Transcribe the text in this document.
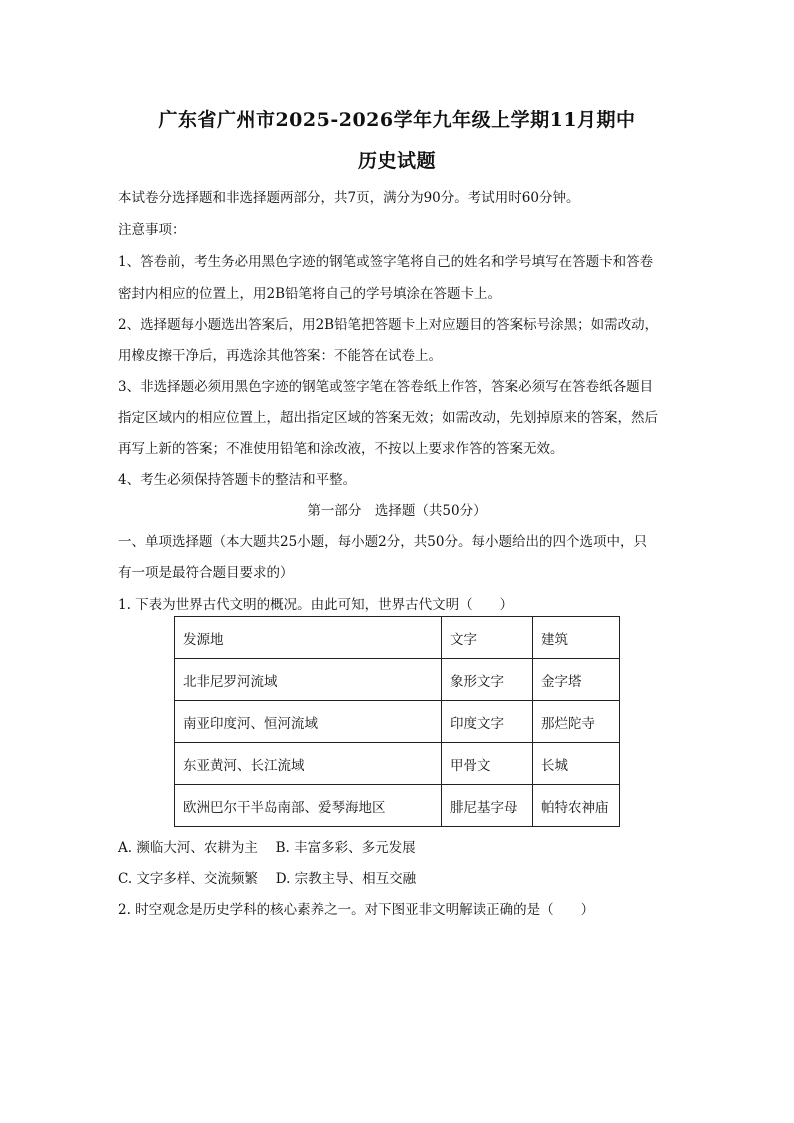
广东省广州市2025-2026学年九年级上学期11月期中
历史试题
本试卷分选择题和非选择题两部分，共7页，满分为90分。考试用时60分钟。
注意事项：
1、答卷前，考生务必用黑色字迹的钢笔或签字笔将自己的姓名和学号填写在答题卡和答卷
密封内相应的位置上，用2B铅笔将自己的学号填涂在答题卡上。
2、选择题每小题选出答案后，用2B铅笔把答题卡上对应题目的答案标号涂黑；如需改动，
用橡皮擦干净后，再选涂其他答案：不能答在试卷上。
3、非选择题必须用黑色字迹的钢笔或签字笔在答卷纸上作答，答案必须写在答卷纸各题目
指定区域内的相应位置上，超出指定区域的答案无效；如需改动，先划掉原来的答案，然后
再写上新的答案；不准使用铅笔和涂改液，不按以上要求作答的答案无效。
4、考生必须保持答题卡的整洁和平整。
第一部分　选择题（共50分）
一、单项选择题（本大题共25小题，每小题2分，共50分。每小题给出的四个选项中，只
有一项是最符合题目要求的）
1. 下表为世界古代文明的概况。由此可知，世界古代文明（　　）
发源地	文字	建筑
北非尼罗河流域	象形文字	金字塔
南亚印度河、恒河流域	印度文字	那烂陀寺
东亚黄河、长江流域	甲骨文	长城
欧洲巴尔干半岛南部、爱琴海地区	腓尼基字母	帕特农神庙
A. 濒临大河、农耕为主　 B. 丰富多彩、多元发展
C. 文字多样、交流频繁　 D. 宗教主导、相互交融
2. 时空观念是历史学科的核心素养之一。对下图亚非文明解读正确的是（　　）
